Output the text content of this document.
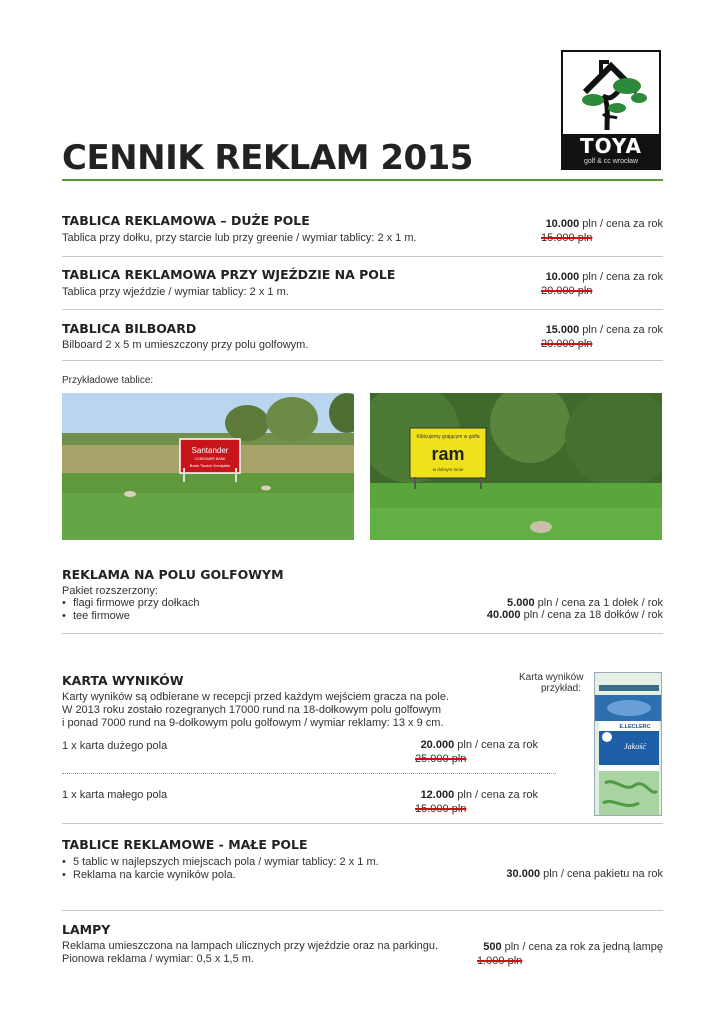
TOYA
golf & cc wrocław
CENNIK REKLAM 2015
TABLICA REKLAMOWA – DUŻE POLE
Tablica przy dołku, przy starcie lub przy greenie / wymiar tablicy: 2 x 1 m.
10.000 pln / cena za rok
15.000 pln
TABLICA REKLAMOWA PRZY WJEŹDZIE NA POLE
Tablica przy wjeździe / wymiar tablicy: 2 x 1 m.
10.000 pln / cena za rok
20.000 pln
TABLICA BILBOARD
Bilboard 2 x 5 m umieszczony przy polu golfowym.
15.000 pln / cena za rok
20.000 pln
Przykładowe tablice:
Santander
CONSUMER BANK
Bank Twoich Kredytów
Kibicujemy grającym w golfa
ram
w dobrym tonie
REKLAMA NA POLU GOLFOWYM
Pakiet rozszerzony:
• flagi firmowe przy dołkach
• tee firmowe
5.000 pln / cena za 1 dołek / rok
40.000 pln / cena za 18 dołków / rok
KARTA WYNIKÓW
Karty wyników są odbierane w recepcji przed każdym wejściem gracza na pole.
W 2013 roku zostało rozegranych 17000 rund na 18-dołkowym polu golfowym
i ponad 7000 rund na 9-dołkowym polu golfowym / wymiar reklamy: 13 x 9 cm.
Karta wyników
przykład:
E.LECLERC
Jakość
1 x karta dużego pola	20.000 pln / cena za rok
25.000 pln
1 x karta małego pola	12.000 pln / cena za rok
15.000 pln
TABLICE REKLAMOWE - MAŁE POLE
• 5 tablic w najlepszych miejscach pola / wymiar tablicy: 2 x 1 m.
• Reklama na karcie wyników pola.	30.000 pln / cena pakietu na rok
LAMPY
Reklama umieszczona na lampach ulicznych przy wjeździe oraz na parkingu.
Pionowa reklama / wymiar: 0,5 x 1,5 m.
500 pln / cena za rok za jedną lampę
1.000 pln
